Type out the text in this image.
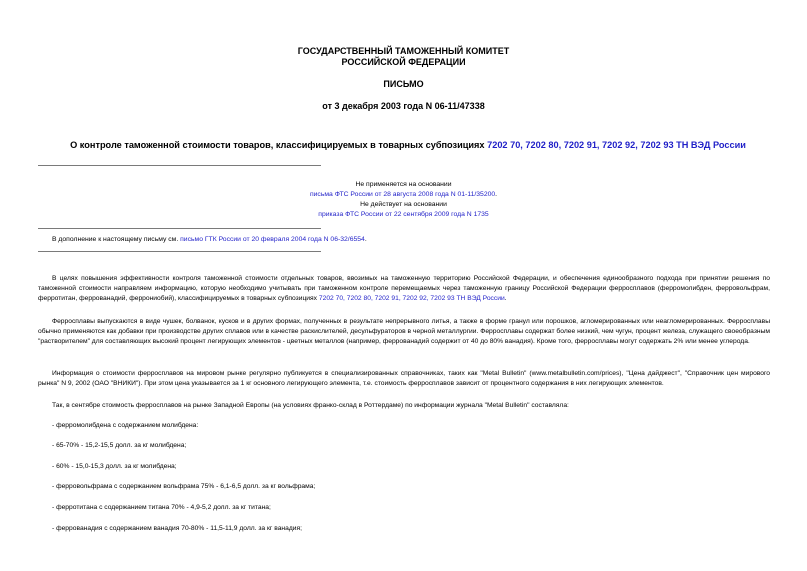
ГОСУДАРСТВЕННЫЙ ТАМОЖЕННЫЙ КОМИТЕТ
РОССИЙСКОЙ ФЕДЕРАЦИИ
ПИСЬМО
от 3 декабря 2003 года N 06-11/47338
О контроле таможенной стоимости товаров, классифицируемых в товарных субпозициях 7202 70, 7202 80, 7202 91, 7202 92, 7202 93 ТН ВЭД России
Не применяется на основании
письма ФТС России от 28 августа 2008 года N 01-11/35200.
Не действует на основании
приказа ФТС России от 22 сентября 2009 года N 1735
В дополнение к настоящему письму см. письмо ГТК России от 20 февраля 2004 года N 06-32/6554.
В целях повышения эффективности контроля таможенной стоимости отдельных товаров, ввозимых на таможенную территорию Российской Федерации, и обеспечения единообразного подхода при принятии решения по таможенной стоимости направляем информацию, которую необходимо учитывать при таможенном контроле перемещаемых через таможенную границу Российской Федерации ферросплавов (ферромолибден, ферровольфрам, ферротитан, феррованадий, феррониобий), классифицируемых в товарных субпозициях 7202 70, 7202 80, 7202 91, 7202 92, 7202 93 ТН ВЭД России.
Ферросплавы выпускаются в виде чушек, болванок, кусков и в других формах, полученных в результате непрерывного литья, а также в форме гранул или порошков, агломерированных или неагломерированных. Ферросплавы обычно применяются как добавки при производстве других сплавов или в качестве раскислителей, десульфураторов в черной металлургии. Ферросплавы содержат более низкий, чем чугун, процент железа, служащего своеобразным "растворителем" для составляющих высокий процент легирующих элементов - цветных металлов (например, феррованадий содержит от 40 до 80% ванадия). Кроме того, ферросплавы могут содержать 2% или менее углерода.
Информация о стоимости ферросплавов на мировом рынке регулярно публикуется в специализированных справочниках, таких как "Metal Bulletin" (www.metalbulletin.com/prices), "Цена дайджест", "Справочник цен мирового рынка" N 9, 2002 (ОАО "ВНИКИ"). При этом цена указывается за 1 кг основного легирующего элемента, т.е. стоимость ферросплавов зависит от процентного содержания в них легирующих элементов.
Так, в сентябре стоимость ферросплавов на рынке Западной Европы (на условиях франко-склад в Роттердаме) по информации журнала "Metal Bulletin" составляла:
- ферромолибдена с содержанием молибдена:
- 65-70% - 15,2-15,5 долл. за кг молибдена;
- 60% - 15,0-15,3 долл. за кг молибдена;
- ферровольфрама с содержанием вольфрама 75% - 6,1-6,5 долл. за кг вольфрама;
- ферротитана с содержанием титана 70% - 4,9-5,2 долл. за кг титана;
- феррованадия с содержанием ванадия 70-80% - 11,5-11,9 долл. за кг ванадия;
